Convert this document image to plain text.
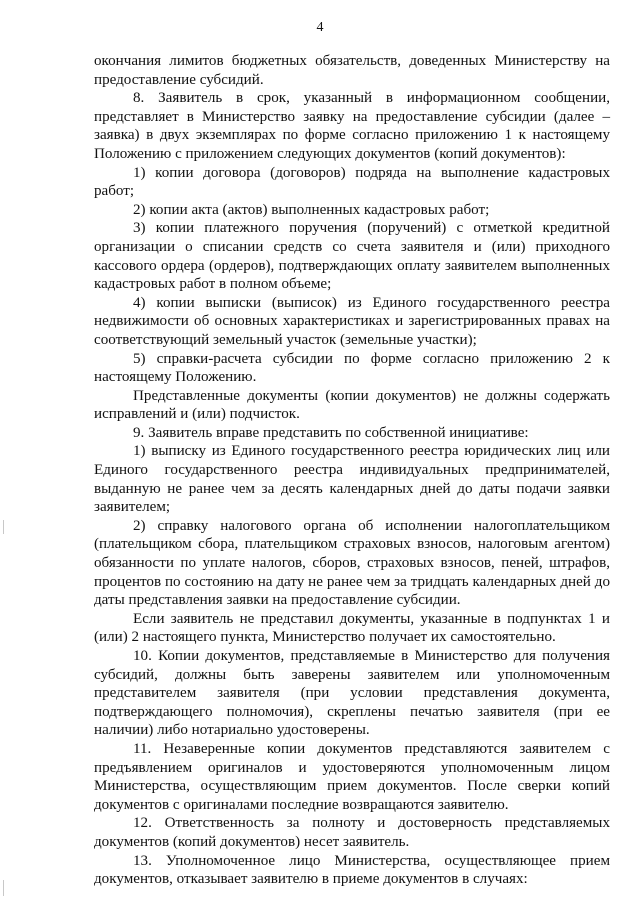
4

окончания лимитов бюджетных обязательств, доведенных Министерству на предоставление субсидий.

8. Заявитель в срок, указанный в информационном сообщении, представляет в Министерство заявку на предоставление субсидии (далее – заявка) в двух экземплярах по форме согласно приложению 1 к настоящему Положению с приложением следующих документов (копий документов):

1) копии договора (договоров) подряда на выполнение кадастровых работ;

2) копии акта (актов) выполненных кадастровых работ;

3) копии платежного поручения (поручений) с отметкой кредитной организации о списании средств со счета заявителя и (или) приходного кассового ордера (ордеров), подтверждающих оплату заявителем выполненных кадастровых работ в полном объеме;

4) копии выписки (выписок) из Единого государственного реестра недвижимости об основных характеристиках и зарегистрированных правах на соответствующий земельный участок (земельные участки);

5) справки-расчета субсидии по форме согласно приложению 2 к настоящему Положению.

Представленные документы (копии документов) не должны содержать исправлений и (или) подчисток.

9. Заявитель вправе представить по собственной инициативе:

1) выписку из Единого государственного реестра юридических лиц или Единого государственного реестра индивидуальных предпринимателей, выданную не ранее чем за десять календарных дней до даты подачи заявки заявителем;

2) справку налогового органа об исполнении налогоплательщиком (плательщиком сбора, плательщиком страховых взносов, налоговым агентом) обязанности по уплате налогов, сборов, страховых взносов, пеней, штрафов, процентов по состоянию на дату не ранее чем за тридцать календарных дней до даты представления заявки на предоставление субсидии.

Если заявитель не представил документы, указанные в подпунктах 1 и (или) 2 настоящего пункта, Министерство получает их самостоятельно.

10. Копии документов, представляемые в Министерство для получения субсидий, должны быть заверены заявителем или уполномоченным представителем заявителя (при условии представления документа, подтверждающего полномочия), скреплены печатью заявителя (при ее наличии) либо нотариально удостоверены.

11. Незаверенные копии документов представляются заявителем с предъявлением оригиналов и удостоверяются уполномоченным лицом Министерства, осуществляющим прием документов. После сверки копий документов с оригиналами последние возвращаются заявителю.

12. Ответственность за полноту и достоверность представляемых документов (копий документов) несет заявитель.

13. Уполномоченное лицо Министерства, осуществляющее прием документов, отказывает заявителю в приеме документов в случаях:
